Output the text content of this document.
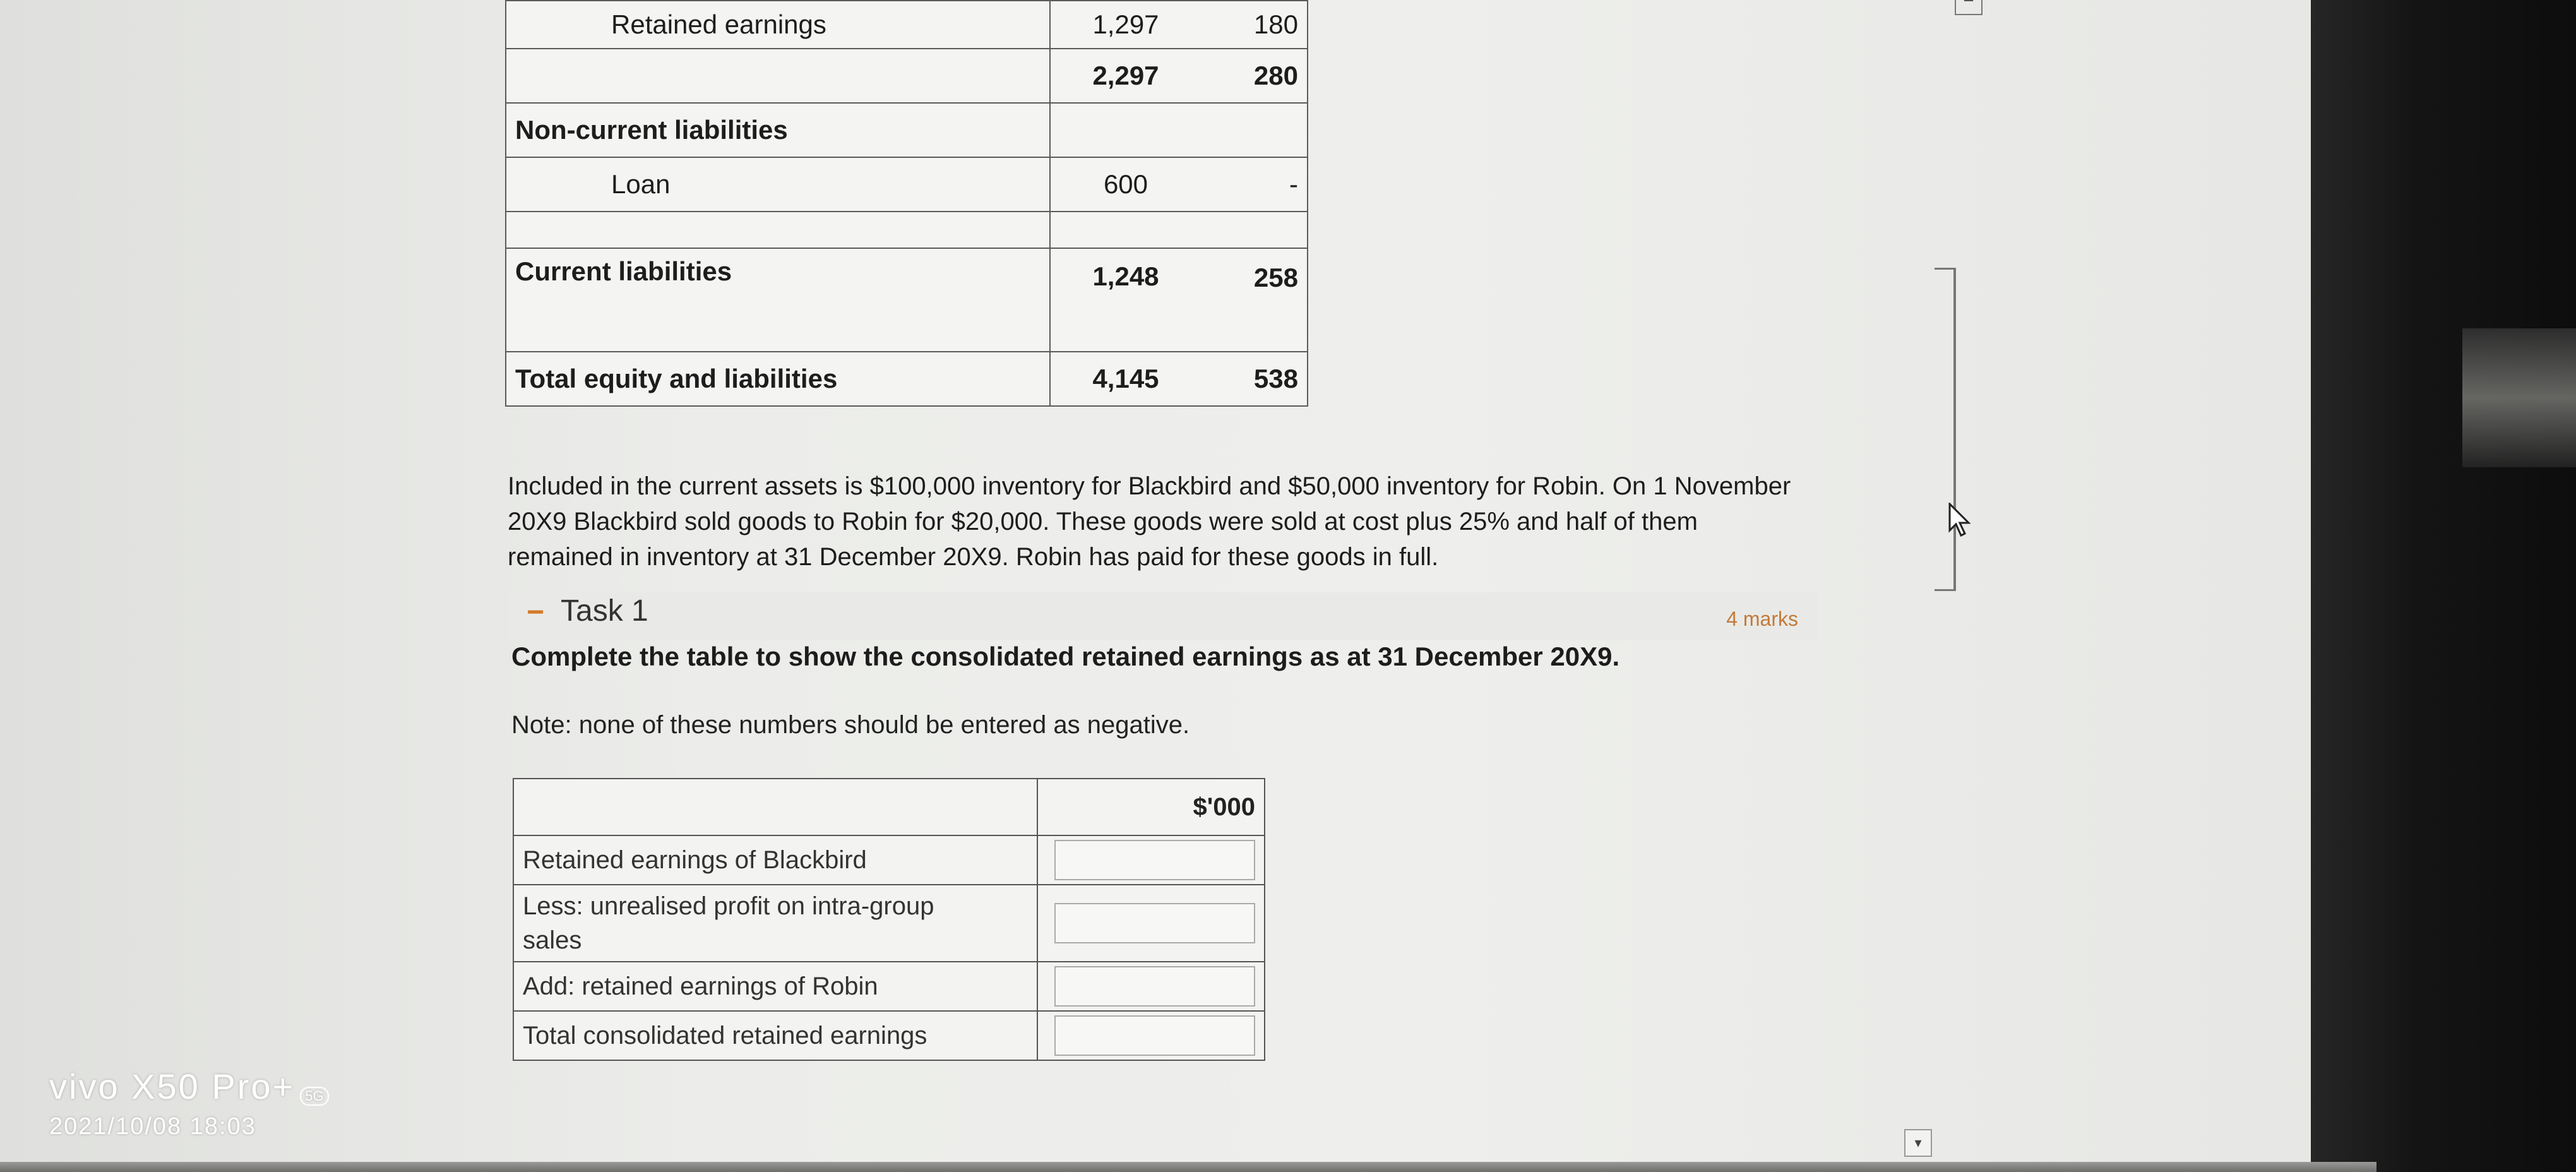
Retained earnings	1,297	180
	2,297	280
Non-current liabilities		
Loan	600	-

Current liabilities	1,248	258
Total equity and liabilities	4,145	538

Included in the current assets is $100,000 inventory for Blackbird and $50,000 inventory for Robin. On 1 November
20X9 Blackbird sold goods to Robin for $20,000. These goods were sold at cost plus 25% and half of them
remained in inventory at 31 December 20X9. Robin has paid for these goods in full.

− Task 1	4 marks

Complete the table to show the consolidated retained earnings as at 31 December 20X9.

Note: none of these numbers should be entered as negative.

	$'000
Retained earnings of Blackbird	
Less: unrealised profit on intra-group
sales	
Add: retained earnings of Robin	
Total consolidated retained earnings	
▔
▾
vivo X50 Pro+ 5G
2021/10/08 18:03
